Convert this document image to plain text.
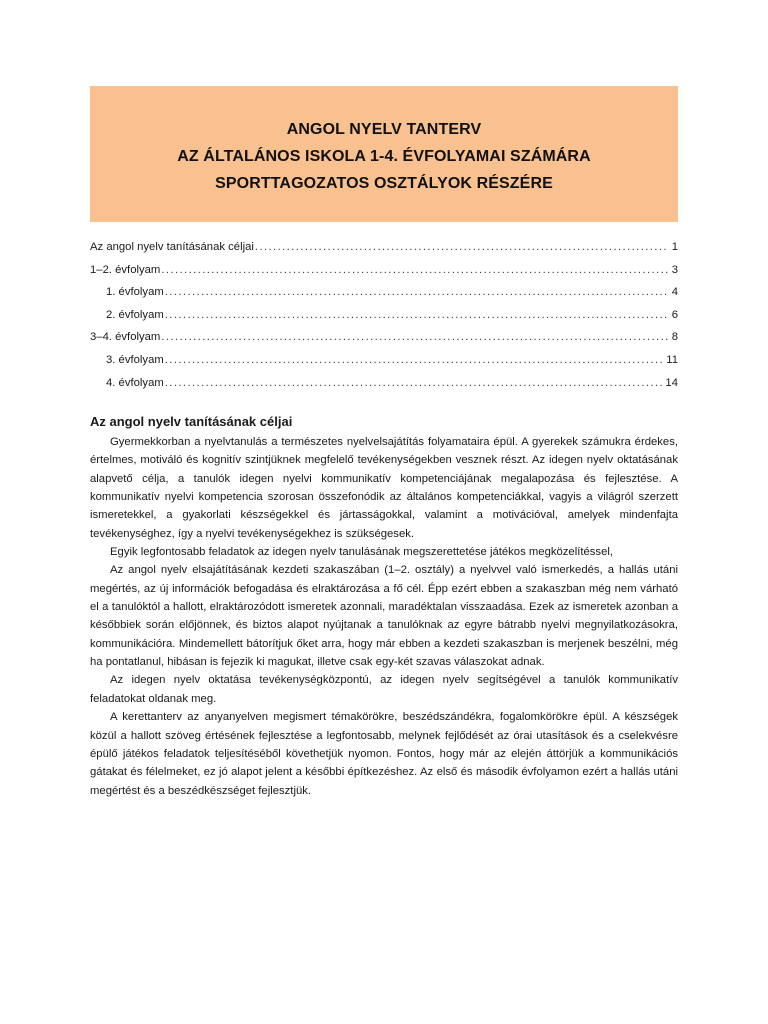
ANGOL NYELV TANTERV
AZ ÁLTALÁNOS ISKOLA 1-4. ÉVFOLYAMAI SZÁMÁRA
SPORTTAGOZATOS OSZTÁLYOK RÉSZÉRE
Az angol nyelv tanításának céljai .....	1
1–2. évfolyam .....	3
1. évfolyam .....	4
2. évfolyam .....	6
3–4. évfolyam .....	8
3. évfolyam .....	11
4. évfolyam .....	14
Az angol nyelv tanításának céljai

Gyermekkorban a nyelvtanulás a természetes nyelvelsajátítás folyamataira épül. A gyerekek számukra érdekes, értelmes, motiváló és kognitív szintjüknek megfelelő tevékenységekben vesznek részt. Az idegen nyelv oktatásának alapvető célja, a tanulók idegen nyelvi kommunikatív kompetenciájának megalapozása és fejlesztése. A kommunikatív nyelvi kompetencia szorosan összefonódik az általános kompetenciákkal, vagyis a világról szerzett ismeretekkel, a gyakorlati készségekkel és jártasságokkal, valamint a motivációval, amelyek mindenfajta tevékenységhez, így a nyelvi tevékenységekhez is szükségesek.

Egyik legfontosabb feladatok az idegen nyelv tanulásának megszerettetése játékos megközelítéssel,

Az angol nyelv elsajátításának kezdeti szakaszában (1–2. osztály) a nyelvvel való ismerkedés, a hallás utáni megértés, az új információk befogadása és elraktározása a fő cél. Épp ezért ebben a szakaszban még nem várható el a tanulóktól a hallott, elraktározódott ismeretek azonnali, maradéktalan visszaadása. Ezek az ismeretek azonban a későbbiek során előjönnek, és biztos alapot nyújtanak a tanulóknak az egyre bátrabb nyelvi megnyilatkozásokra, kommunikációra. Mindemellett bátorítjuk őket arra, hogy már ebben a kezdeti szakaszban is merjenek beszélni, még ha pontatlanul, hibásan is fejezik ki magukat, illetve csak egy-két szavas válaszokat adnak.

Az idegen nyelv oktatása tevékenységközpontú, az idegen nyelv segítségével a tanulók kommunikatív feladatokat oldanak meg.

A kerettanterv az anyanyelven megismert témakörökre, beszédszándékra, fogalomkörökre épül. A készségek közül a hallott szöveg értésének fejlesztése a legfontosabb, melynek fejlődését az órai utasítások és a cselekvésre épülő játékos feladatok teljesítéséből követhetjük nyomon. Fontos, hogy már az elején áttörjük a kommunikációs gátakat és félelmeket, ez jó alapot jelent a későbbi építkezéshez. Az első és második évfolyamon ezért a hallás utáni megértést és a beszédkészséget fejlesztjük.
